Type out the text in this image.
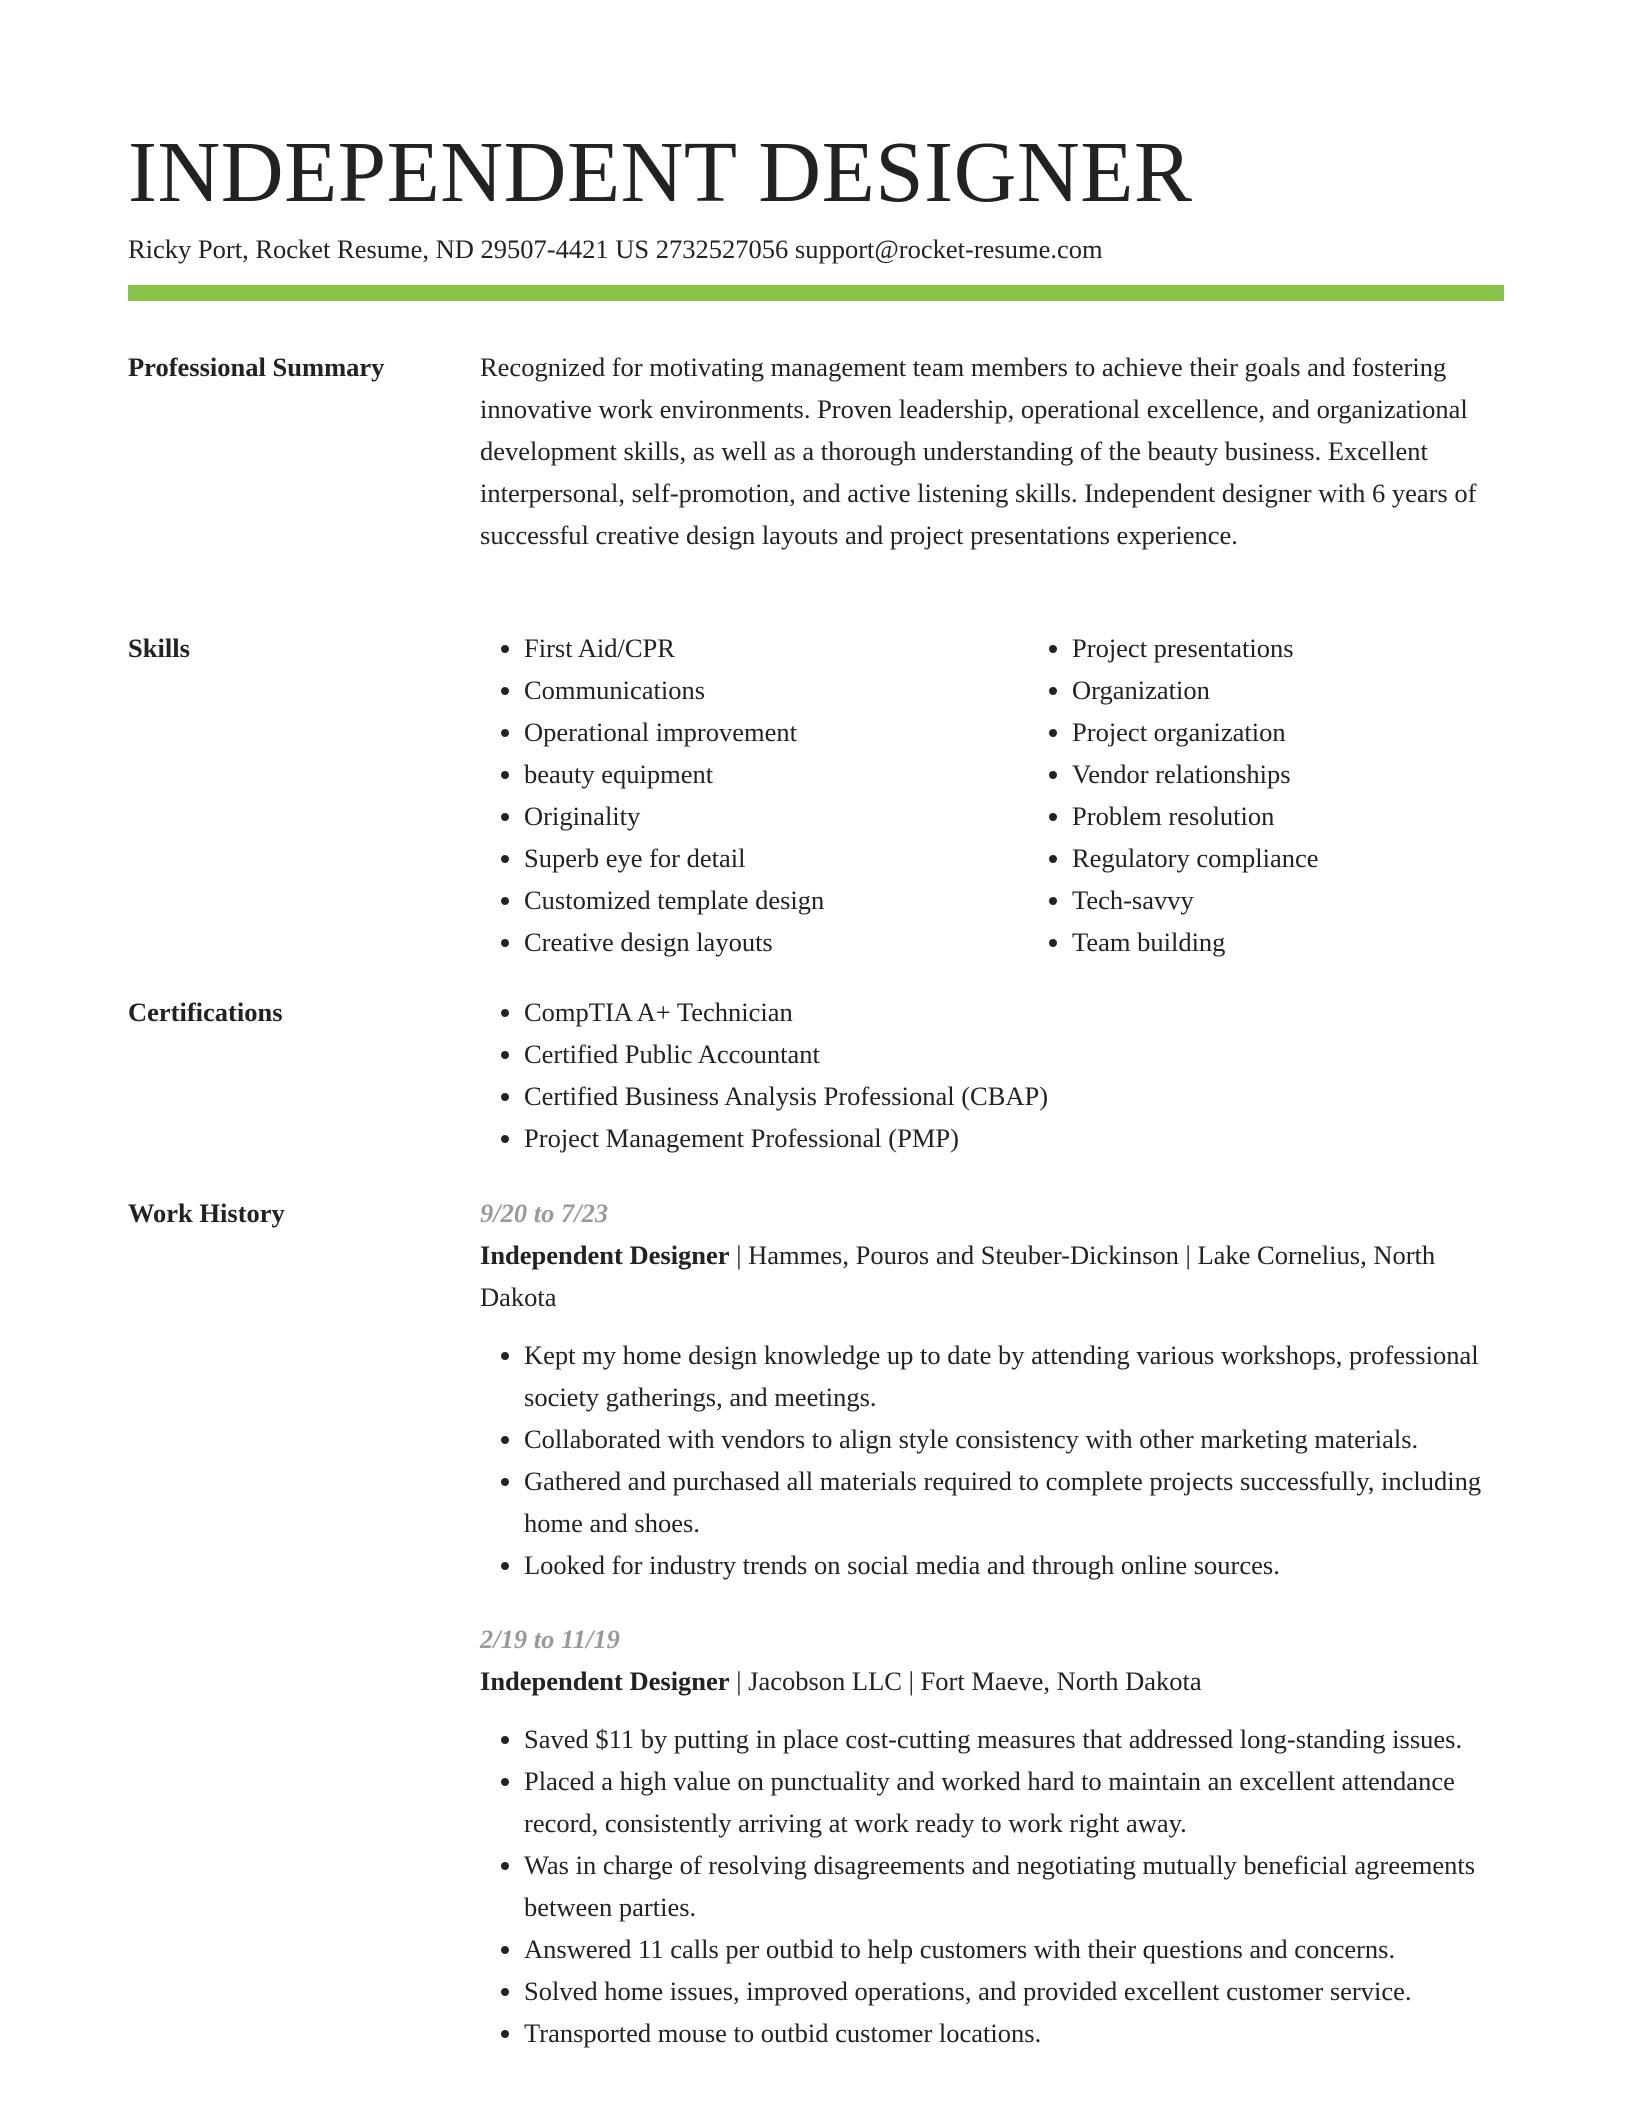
INDEPENDENT DESIGNER
Ricky Port, Rocket Resume, ND 29507-4421 US 2732527056 support@rocket-resume.com
Professional Summary	Recognized for motivating management team members to achieve their goals and fostering innovative work environments. Proven leadership, operational excellence, and organizational development skills, as well as a thorough understanding of the beauty business. Excellent interpersonal, self-promotion, and active listening skills. Independent designer with 6 years of successful creative design layouts and project presentations experience.

Skills	• First Aid/CPR
• Communications
• Operational improvement
• beauty equipment
• Originality
• Superb eye for detail
• Customized template design
• Creative design layouts
• Project presentations
• Organization
• Project organization
• Vendor relationships
• Problem resolution
• Regulatory compliance
• Tech-savvy
• Team building
Certifications	• CompTIA A+ Technician
• Certified Public Accountant
• Certified Business Analysis Professional (CBAP)
• Project Management Professional (PMP)
Work History	9/20 to 7/23

Independent Designer | Hammes, Pouros and Steuber-Dickinson | Lake Cornelius, North Dakota

• Kept my home design knowledge up to date by attending various workshops, professional society gatherings, and meetings.
• Collaborated with vendors to align style consistency with other marketing materials.
• Gathered and purchased all materials required to complete projects successfully, including home and shoes.
• Looked for industry trends on social media and through online sources.

2/19 to 11/19

Independent Designer | Jacobson LLC | Fort Maeve, North Dakota

• Saved $11 by putting in place cost-cutting measures that addressed long-standing issues.
• Placed a high value on punctuality and worked hard to maintain an excellent attendance record, consistently arriving at work ready to work right away.
• Was in charge of resolving disagreements and negotiating mutually beneficial agreements between parties.
• Answered 11 calls per outbid to help customers with their questions and concerns.
• Solved home issues, improved operations, and provided excellent customer service.
• Transported mouse to outbid customer locations.
